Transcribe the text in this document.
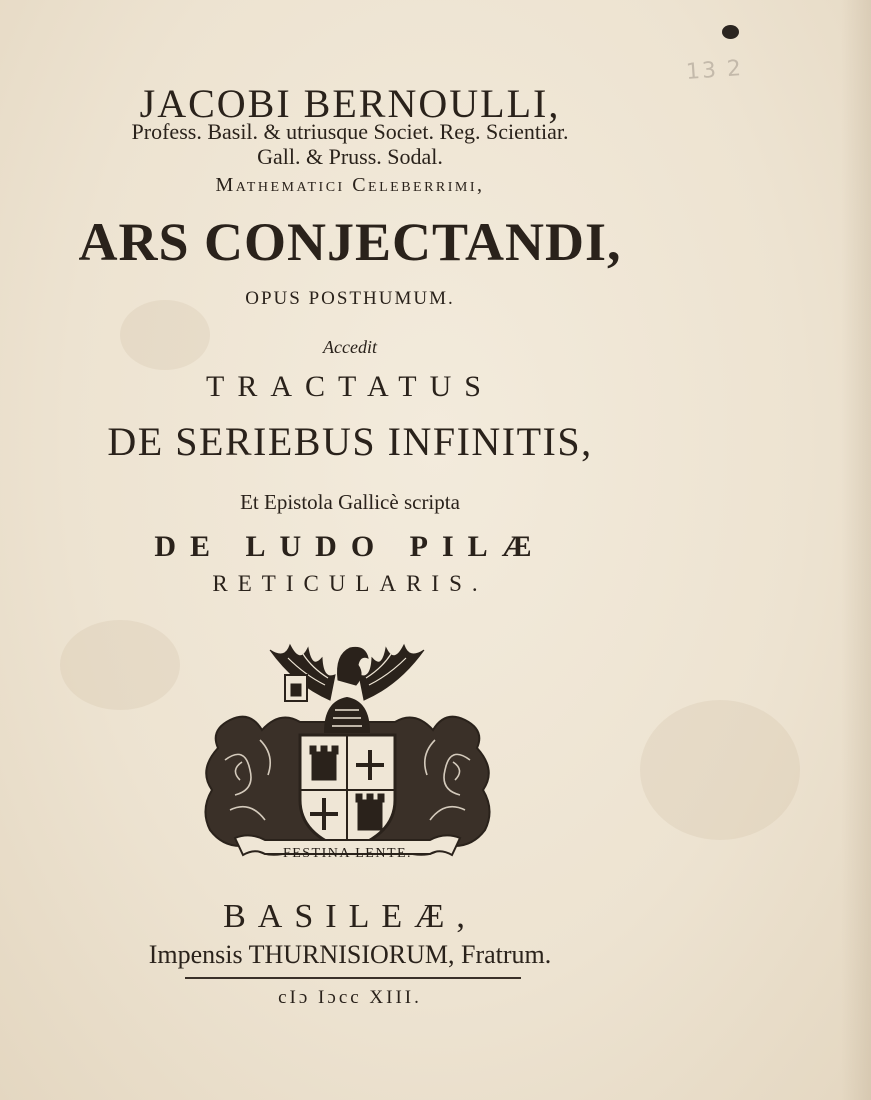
13 2
JACOBI BERNOULLI,
Profess. Basil. & utriusque Societ. Reg. Scientiar.
Gall. & Pruss. Sodal.
Mathematici Celeberrimi,
ARS CONJECTANDI,
OPUS POSTHUMUM.
Accedit
TRACTATUS
DE SERIEBUS INFINITIS,
Et Epistola Gallicè scripta
DE LUDO PILÆ
RETICULARIS.
FESTINA LENTE.
BASILEÆ,
Impensis THURNISIORUM, Fratrum.
cIɔ Iɔcc XIII.
